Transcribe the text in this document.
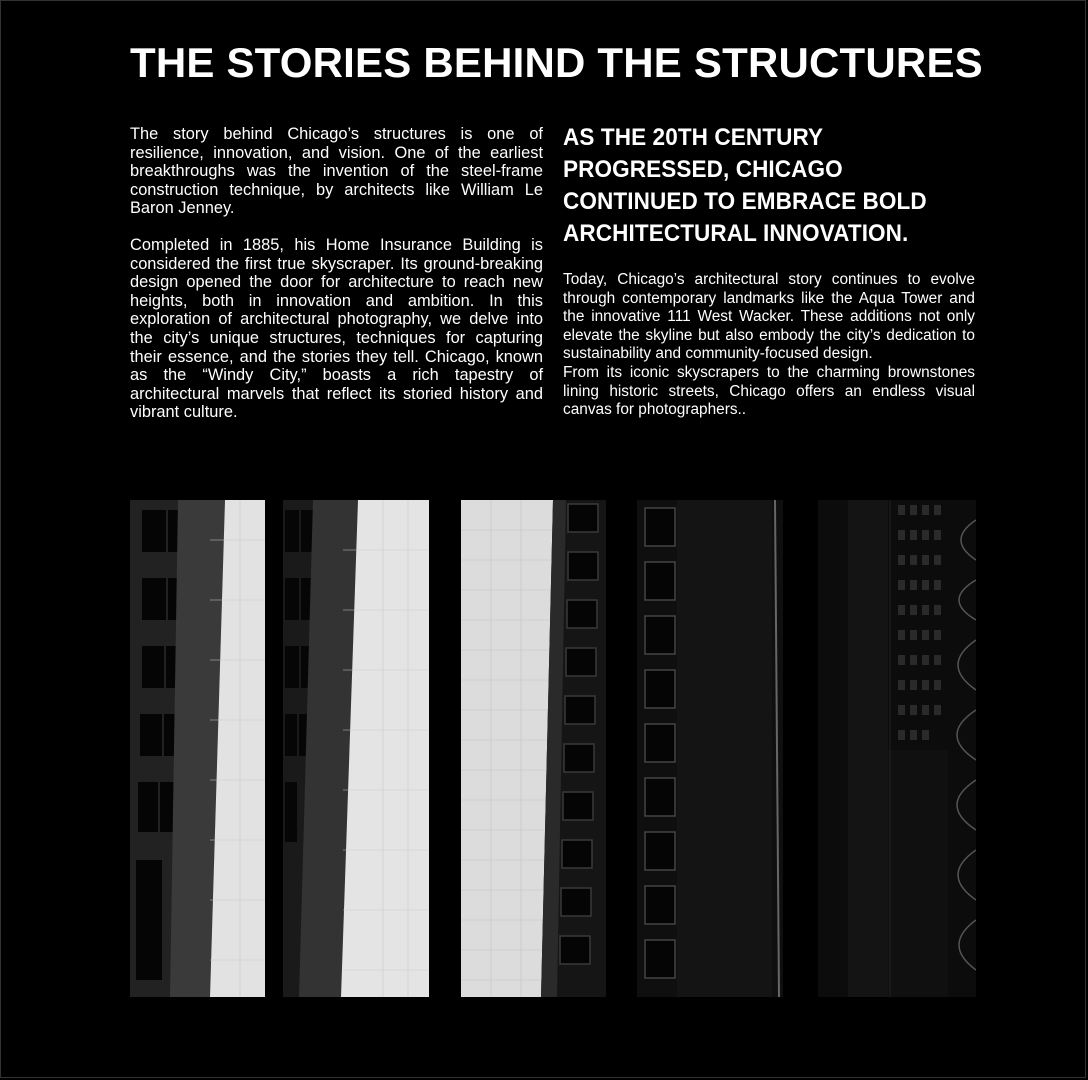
THE STORIES BEHIND THE STRUCTURES

The story behind Chicago’s structures is one of resilience, innovation, and vision. One of the earliest breakthroughs was the invention of the steel-frame construction technique, by architects like William Le Baron Jenney.

Completed in 1885, his Home Insurance Building is considered the first true skyscraper. Its ground-breaking design opened the door for architecture to reach new heights, both in innovation and ambition. In this exploration of architectural photography, we delve into the city’s unique structures, techniques for capturing their essence, and the stories they tell. Chicago, known as the “Windy City,” boasts a rich tapestry of architectural marvels that reflect its storied history and vibrant culture.

AS THE 20TH CENTURY PROGRESSED, CHICAGO CONTINUED TO EMBRACE BOLD ARCHITECTURAL INNOVATION.

Today, Chicago’s architectural story continues to evolve through contemporary landmarks like the Aqua Tower and the innovative 111 West Wacker. These additions not only elevate the skyline but also embody the city’s dedication to sustainability and community-focused design.

From its iconic skyscrapers to the charming brownstones lining historic streets, Chicago offers an endless visual canvas for photographers..
